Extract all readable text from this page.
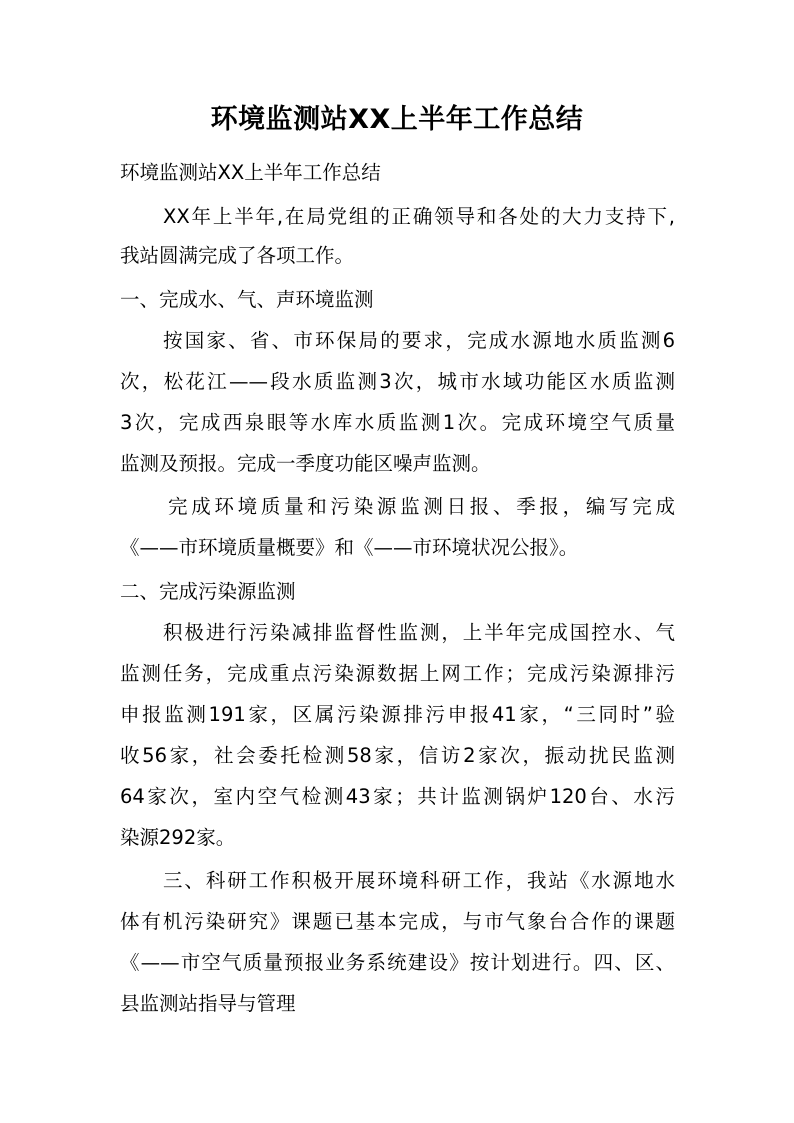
环境监测站XX上半年工作总结
环境监测站XX上半年工作总结
XX年上半年,在局党组的正确领导和各处的大力支持下,
我站圆满完成了各项工作。
一、完成水、气、声环境监测
按国家、省、市环保局的要求，完成水源地水质监测6
次，松花江——段水质监测3次，城市水域功能区水质监测
3次，完成西泉眼等水库水质监测1次。完成环境空气质量
监测及预报。完成一季度功能区噪声监测。
完成环境质量和污染源监测日报、季报，编写完成
《——市环境质量概要》和《——市环境状况公报》。
二、完成污染源监测
积极进行污染减排监督性监测，上半年完成国控水、气
监测任务，完成重点污染源数据上网工作；完成污染源排污
申报监测191家，区属污染源排污申报41家，“三同时”验
收56家，社会委托检测58家，信访2家次，振动扰民监测
64家次，室内空气检测43家；共计监测锅炉120台、水污
染源292家。
三、科研工作积极开展环境科研工作，我站《水源地水
体有机污染研究》课题已基本完成，与市气象台合作的课题
《——市空气质量预报业务系统建设》按计划进行。四、区、
县监测站指导与管理
